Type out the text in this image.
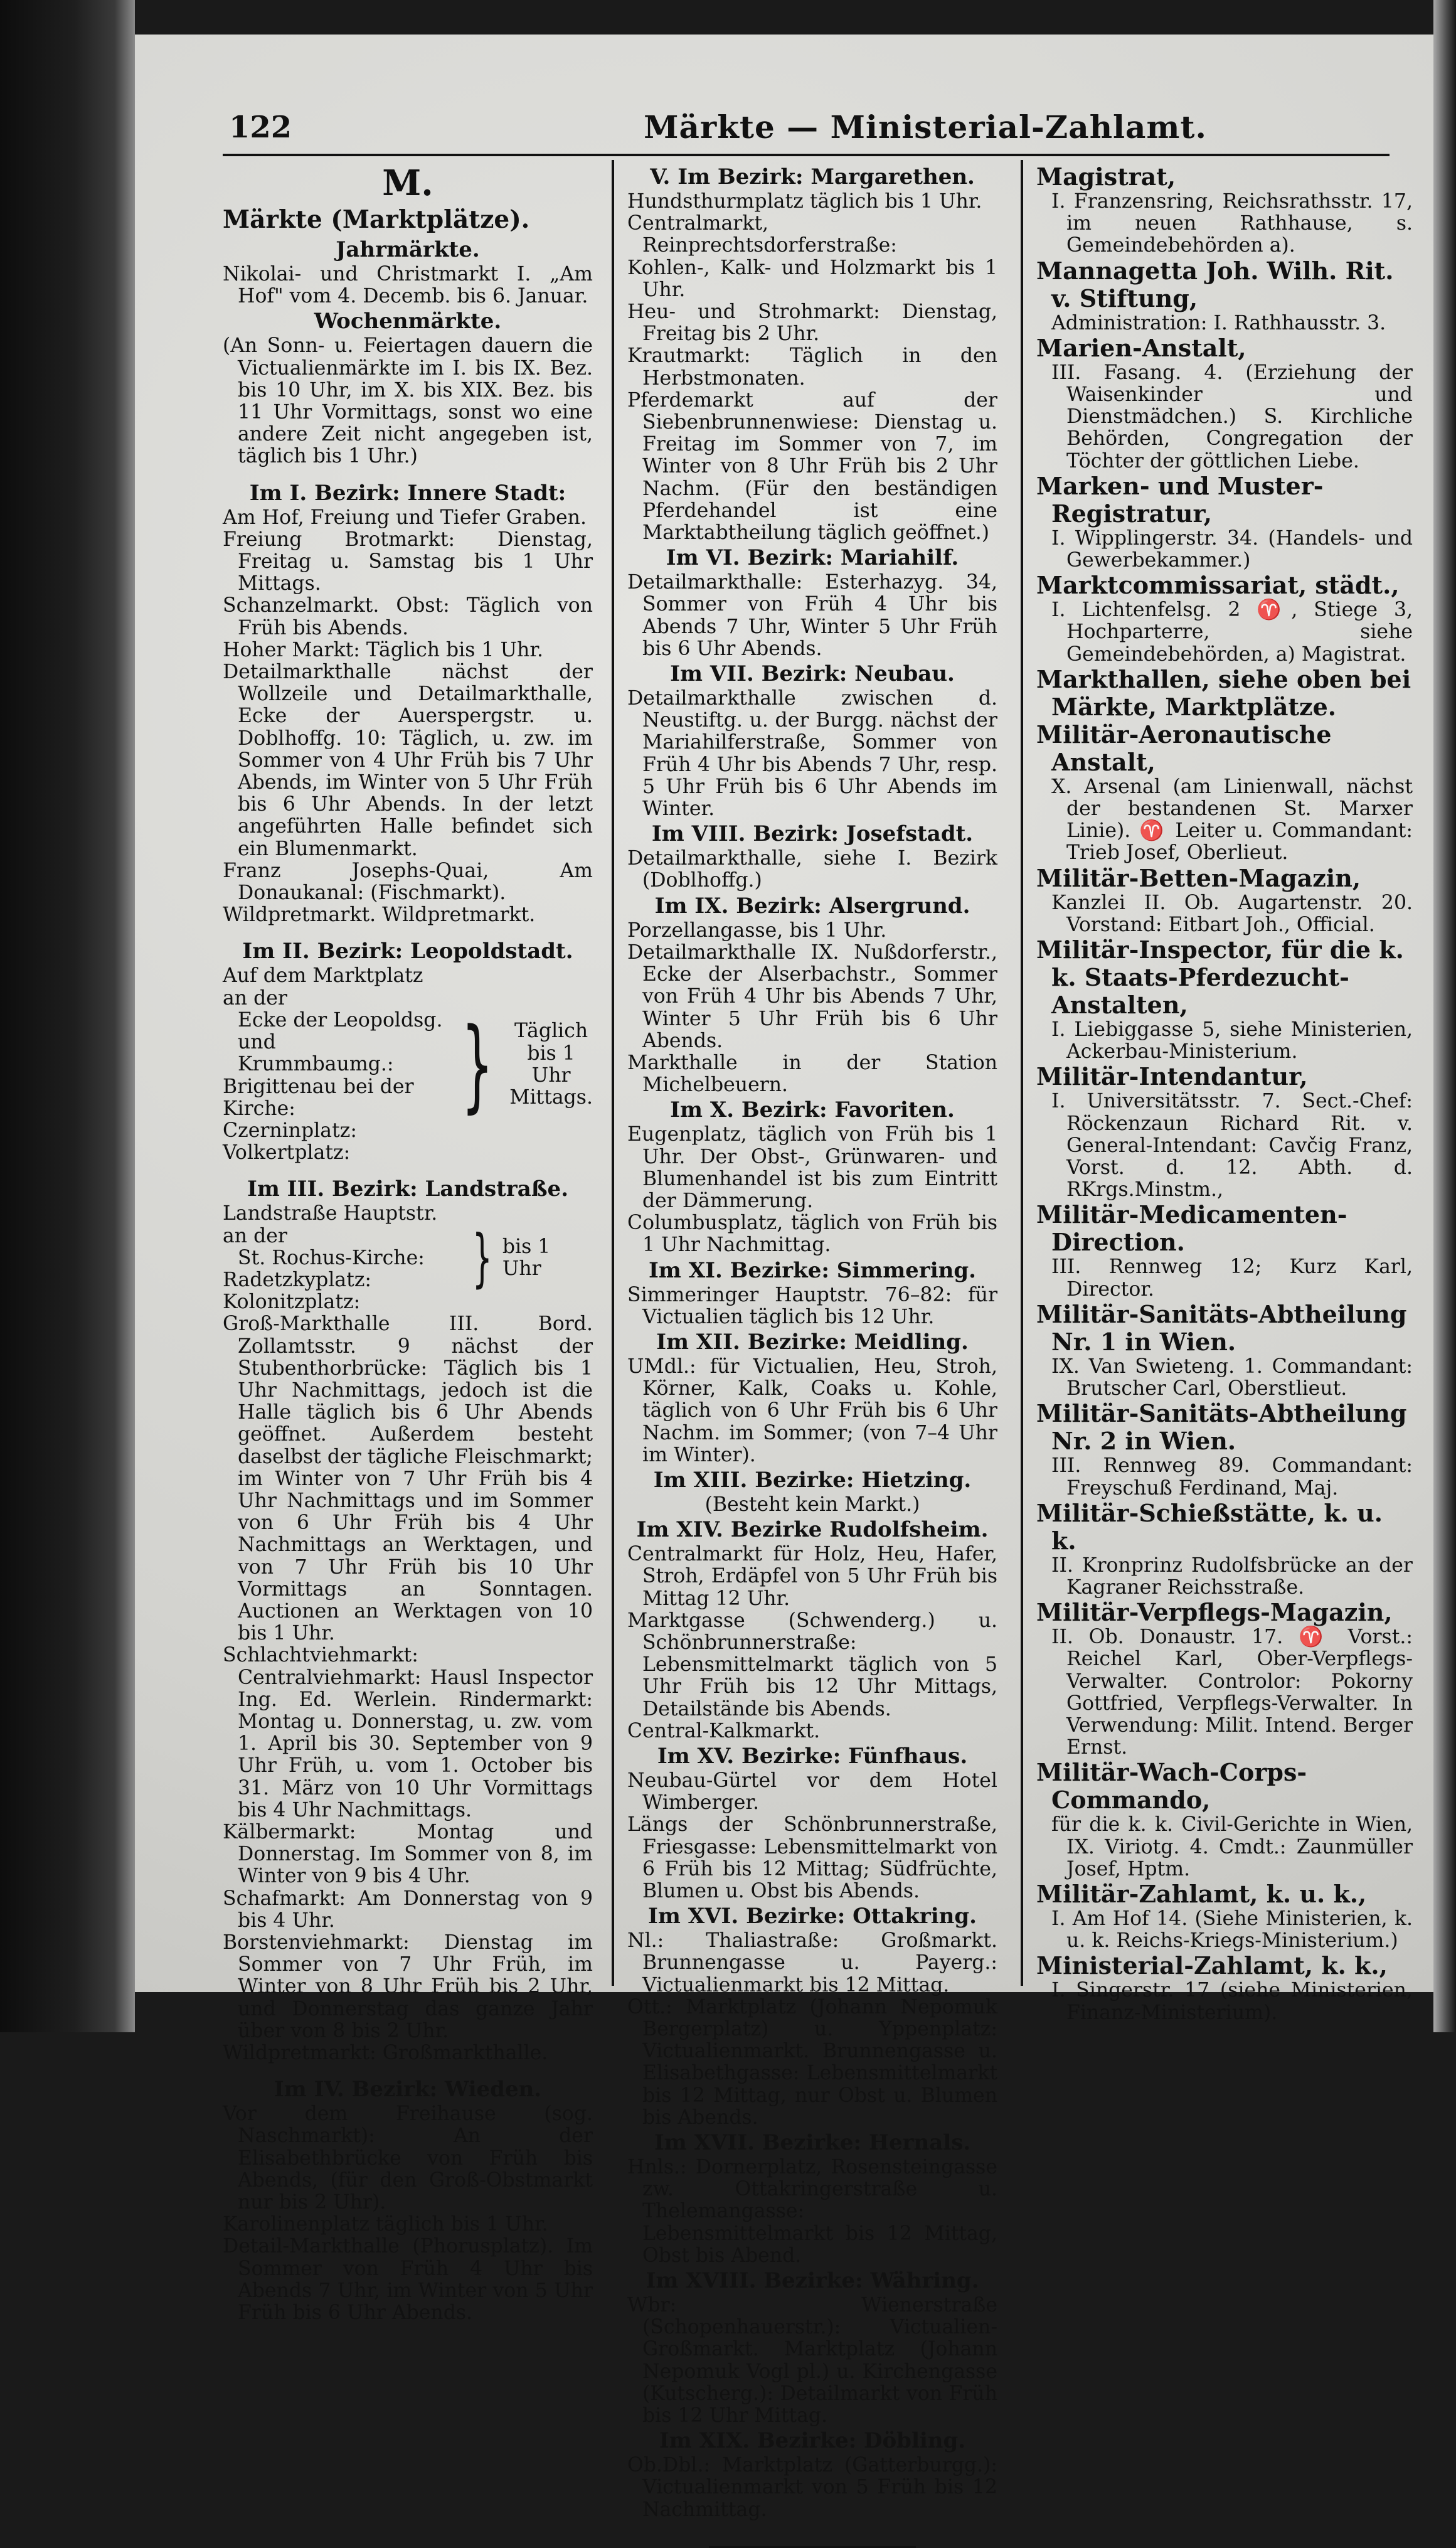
122	Märkte — Ministerial-Zahlamt.

M.

Märkte (Marktplätze).

Jahrmärkte.

Nikolai- und Christmarkt I. „Am Hof" vom 4. Decemb. bis 6. Januar.

Wochenmärkte.

(An Sonn- u. Feiertagen dauern die Victualienmärkte im I. bis IX. Bez. bis 10 Uhr, im X. bis XIX. Bez. bis 11 Uhr Vormittags, sonst wo eine andere Zeit nicht angegeben ist, täglich bis 1 Uhr.)

Im I. Bezirk: Innere Stadt:

Am Hof, Freiung und Tiefer Graben.

Freiung Brotmarkt: Dienstag, Freitag u. Samstag bis 1 Uhr Mittags.

Schanzelmarkt. Obst: Täglich von Früh bis Abends.

Hoher Markt: Täglich bis 1 Uhr.

Detailmarkthalle nächst der Wollzeile und Detailmarkthalle, Ecke der Auerspergstr. u. Doblhoffg. 10: Täglich, u. zw. im Sommer von 4 Uhr Früh bis 7 Uhr Abends, im Winter von 5 Uhr Früh bis 6 Uhr Abends. In der letzt angeführten Halle befindet sich ein Blumenmarkt.

Franz Josephs-Quai, Am Donaukanal: (Fischmarkt).

Wildpretmarkt. Wildpretmarkt.

Im II. Bezirk: Leopoldstadt.

Auf dem Marktplatz an der

Ecke der Leopoldsg. und

Krummbaumg.:

Brigittenau bei der Kirche:

Czerninplatz:

Volkertplatz:

} Täglich

bis 1 Uhr

Mittags.

Im III. Bezirk: Landstraße.

Landstraße Hauptstr. an der

St. Rochus-Kirche:

Radetzkyplatz:

Kolonitzplatz:

} bis 1 Uhr

Groß-Markthalle III. Bord. Zollamtsstr. 9 nächst der Stubenthorbrücke: Täglich bis 1 Uhr Nachmittags, jedoch ist die Halle täglich bis 6 Uhr Abends geöffnet. Außerdem besteht daselbst der tägliche Fleischmarkt; im Winter von 7 Uhr Früh bis 4 Uhr Nachmittags und im Sommer von 6 Uhr Früh bis 4 Uhr Nachmittags an Werktagen, und von 7 Uhr Früh bis 10 Uhr Vormittags an Sonntagen. Auctionen an Werktagen von 10 bis 1 Uhr.

Schlachtviehmarkt: Centralviehmarkt: Hausl Inspector Ing. Ed. Werlein. Rindermarkt: Montag u. Donnerstag, u. zw. vom 1. April bis 30. September von 9 Uhr Früh, u. vom 1. October bis 31. März von 10 Uhr Vormittags bis 4 Uhr Nachmittags.

Kälbermarkt: Montag und Donnerstag. Im Sommer von 8, im Winter von 9 bis 4 Uhr.

Schafmarkt: Am Donnerstag von 9 bis 4 Uhr.

Borstenviehmarkt: Dienstag im Sommer von 7 Uhr Früh, im Winter von 8 Uhr Früh bis 2 Uhr, und Donnerstag das ganze Jahr über von 8 bis 2 Uhr.

Wildpretmarkt: Großmarkthalle.

Im IV. Bezirk: Wieden.

Vor dem Freihause (sog. Naschmarkt): An der Elisabethbrücke von Früh bis Abends, (für den Groß-Obstmarkt nur bis 2 Uhr).

Karolinenplatz täglich bis 1 Uhr.

Detail-Markthalle (Phorusplatz). Im Sommer von Früh 4 Uhr bis Abends 7 Uhr, im Winter von 5 Uhr Früh bis 6 Uhr Abends.

V. Im Bezirk: Margarethen.

Hundsthurmplatz täglich bis 1 Uhr.

Centralmarkt, Reinprechtsdorferstraße:

Kohlen-, Kalk- und Holzmarkt bis 1 Uhr.

Heu- und Strohmarkt: Dienstag, Freitag bis 2 Uhr.

Krautmarkt: Täglich in den Herbstmonaten.

Pferdemarkt auf der Siebenbrunnenwiese: Dienstag u. Freitag im Sommer von 7, im Winter von 8 Uhr Früh bis 2 Uhr Nachm. (Für den beständigen Pferdehandel ist eine Marktabtheilung täglich geöffnet.)

Im VI. Bezirk: Mariahilf.

Detailmarkthalle: Esterhazyg. 34, Sommer von Früh 4 Uhr bis Abends 7 Uhr, Winter 5 Uhr Früh bis 6 Uhr Abends.

Im VII. Bezirk: Neubau.

Detailmarkthalle zwischen d. Neustiftg. u. der Burgg. nächst der Mariahilferstraße, Sommer von Früh 4 Uhr bis Abends 7 Uhr, resp. 5 Uhr Früh bis 6 Uhr Abends im Winter.

Im VIII. Bezirk: Josefstadt.

Detailmarkthalle, siehe I. Bezirk (Doblhoffg.)

Im IX. Bezirk: Alsergrund.

Porzellangasse, bis 1 Uhr.

Detailmarkthalle IX. Nußdorferstr., Ecke der Alserbachstr., Sommer von Früh 4 Uhr bis Abends 7 Uhr, Winter 5 Uhr Früh bis 6 Uhr Abends.

Markthalle in der Station Michelbeuern.

Im X. Bezirk: Favoriten.

Eugenplatz, täglich von Früh bis 1 Uhr. Der Obst-, Grünwaren- und Blumenhandel ist bis zum Eintritt der Dämmerung.

Columbusplatz, täglich von Früh bis 1 Uhr Nachmittag.

Im XI. Bezirke: Simmering.

Simmeringer Hauptstr. 76–82: für Victualien täglich bis 12 Uhr.

Im XII. Bezirke: Meidling.

UMdl.: für Victualien, Heu, Stroh, Körner, Kalk, Coaks u. Kohle, täglich von 6 Uhr Früh bis 6 Uhr Nachm. im Sommer; (von 7–4 Uhr im Winter).

Im XIII. Bezirke: Hietzing.

(Besteht kein Markt.)

Im XIV. Bezirke Rudolfsheim.

Centralmarkt für Holz, Heu, Hafer, Stroh, Erdäpfel von 5 Uhr Früh bis Mittag 12 Uhr.

Marktgasse (Schwenderg.) u. Schönbrunnerstraße: Lebensmittelmarkt täglich von 5 Uhr Früh bis 12 Uhr Mittags, Detailstände bis Abends.

Central-Kalkmarkt.

Im XV. Bezirke: Fünfhaus.

Neubau-Gürtel vor dem Hotel Wimberger.

Längs der Schönbrunnerstraße, Friesgasse: Lebensmittelmarkt von 6 Früh bis 12 Mittag; Südfrüchte, Blumen u. Obst bis Abends.

Im XVI. Bezirke: Ottakring.

Nl.: Thaliastraße: Großmarkt. Brunnengasse u. Payerg.: Victualienmarkt bis 12 Mittag.

Ott.: Marktplatz (Johann Nepomuk Bergerplatz) u. Yppenplatz: Victualienmarkt. Brunnengasse u. Elisabethgasse: Lebensmittelmarkt bis 12 Mittag, nur Obst u. Blumen bis Abends.

Im XVII. Bezirke: Hernals.

Hnls.: Dornerplatz, Rosensteingasse zw. Ottakringerstraße u. Thelemangasse: Lebensmittelmarkt bis 12 Mittag, Obst bis Abend.

Im XVIII. Bezirke: Währing.

Wbr: Wienerstraße (Schopenhauerstr.): Victualien-Großmarkt. Marktplatz (Johann Nepomuk Vogl pl.) u. Kirchengasse (Kutscherg.): Detailmarkt von Früh bis 12 Uhr Mittag.

Im XIX. Bezirke: Döbling.

Ob.Dbl.: Marktplatz (Gatterburgg.): Victualienmarkt von 5 Früh bis 12 Nachmittag.

Magistrat,

I. Franzensring, Reichsrathsstr. 17, im neuen Rathhause, s. Gemeindebehörden a).

Mannagetta Joh. Wilh. Rit. v. Stiftung,

Administration: I. Rathhausstr. 3.

Marien-Anstalt,

III. Fasang. 4. (Erziehung der Waisenkinder und Dienstmädchen.) S. Kirchliche Behörden, Congregation der Töchter der göttlichen Liebe.

Marken- und Muster-Registratur,

I. Wipplingerstr. 34. (Handels- und Gewerbekammer.)

Marktcommissariat, städt.,

I. Lichtenfelsg. 2 ♈, Stiege 3, Hochparterre, siehe Gemeindebehörden, a) Magistrat.

Markthallen, siehe oben bei Märkte, Marktplätze.

Militär-Aeronautische Anstalt,

X. Arsenal (am Linienwall, nächst der bestandenen St. Marxer Linie). ♈ Leiter u. Commandant: Trieb Josef, Oberlieut.

Militär-Betten-Magazin,

Kanzlei II. Ob. Augartenstr. 20. Vorstand: Eitbart Joh., Official.

Militär-Inspector, für die k. k. Staats-Pferdezucht-Anstalten,

I. Liebiggasse 5, siehe Ministerien, Ackerbau-Ministerium.

Militär-Intendantur,

I. Universitätsstr. 7. Sect.-Chef: Röckenzaun Richard Rit. v. General-Intendant: Cavčig Franz, Vorst. d. 12. Abth. d. RKrgs.Minstm.,

Militär-Medicamenten-Direction.

III. Rennweg 12; Kurz Karl, Director.

Militär-Sanitäts-Abtheilung Nr. 1 in Wien.

IX. Van Swieteng. 1. Commandant: Brutscher Carl, Oberstlieut.

Militär-Sanitäts-Abtheilung Nr. 2 in Wien.

III. Rennweg 89. Commandant: Freyschuß Ferdinand, Maj.

Militär-Schießstätte, k. u. k.

II. Kronprinz Rudolfsbrücke an der Kagraner Reichsstraße.

Militär-Verpflegs-Magazin,

II. Ob. Donaustr. 17. ♈ Vorst.: Reichel Karl, Ober-Verpflegs-Verwalter. Controlor: Pokorny Gottfried, Verpflegs-Verwalter. In Verwendung: Milit. Intend. Berger Ernst.

Militär-Wach-Corps-Commando,

für die k. k. Civil-Gerichte in Wien, IX. Viriotg. 4. Cmdt.: Zaunmüller Josef, Hptm.

Militär-Zahlamt, k. u. k.,

I. Am Hof 14. (Siehe Ministerien, k. u. k. Reichs-Kriegs-Ministerium.)

Ministerial-Zahlamt, k. k.,

I. Singerstr. 17 (siehe Ministerien, Finanz-Ministerium).
